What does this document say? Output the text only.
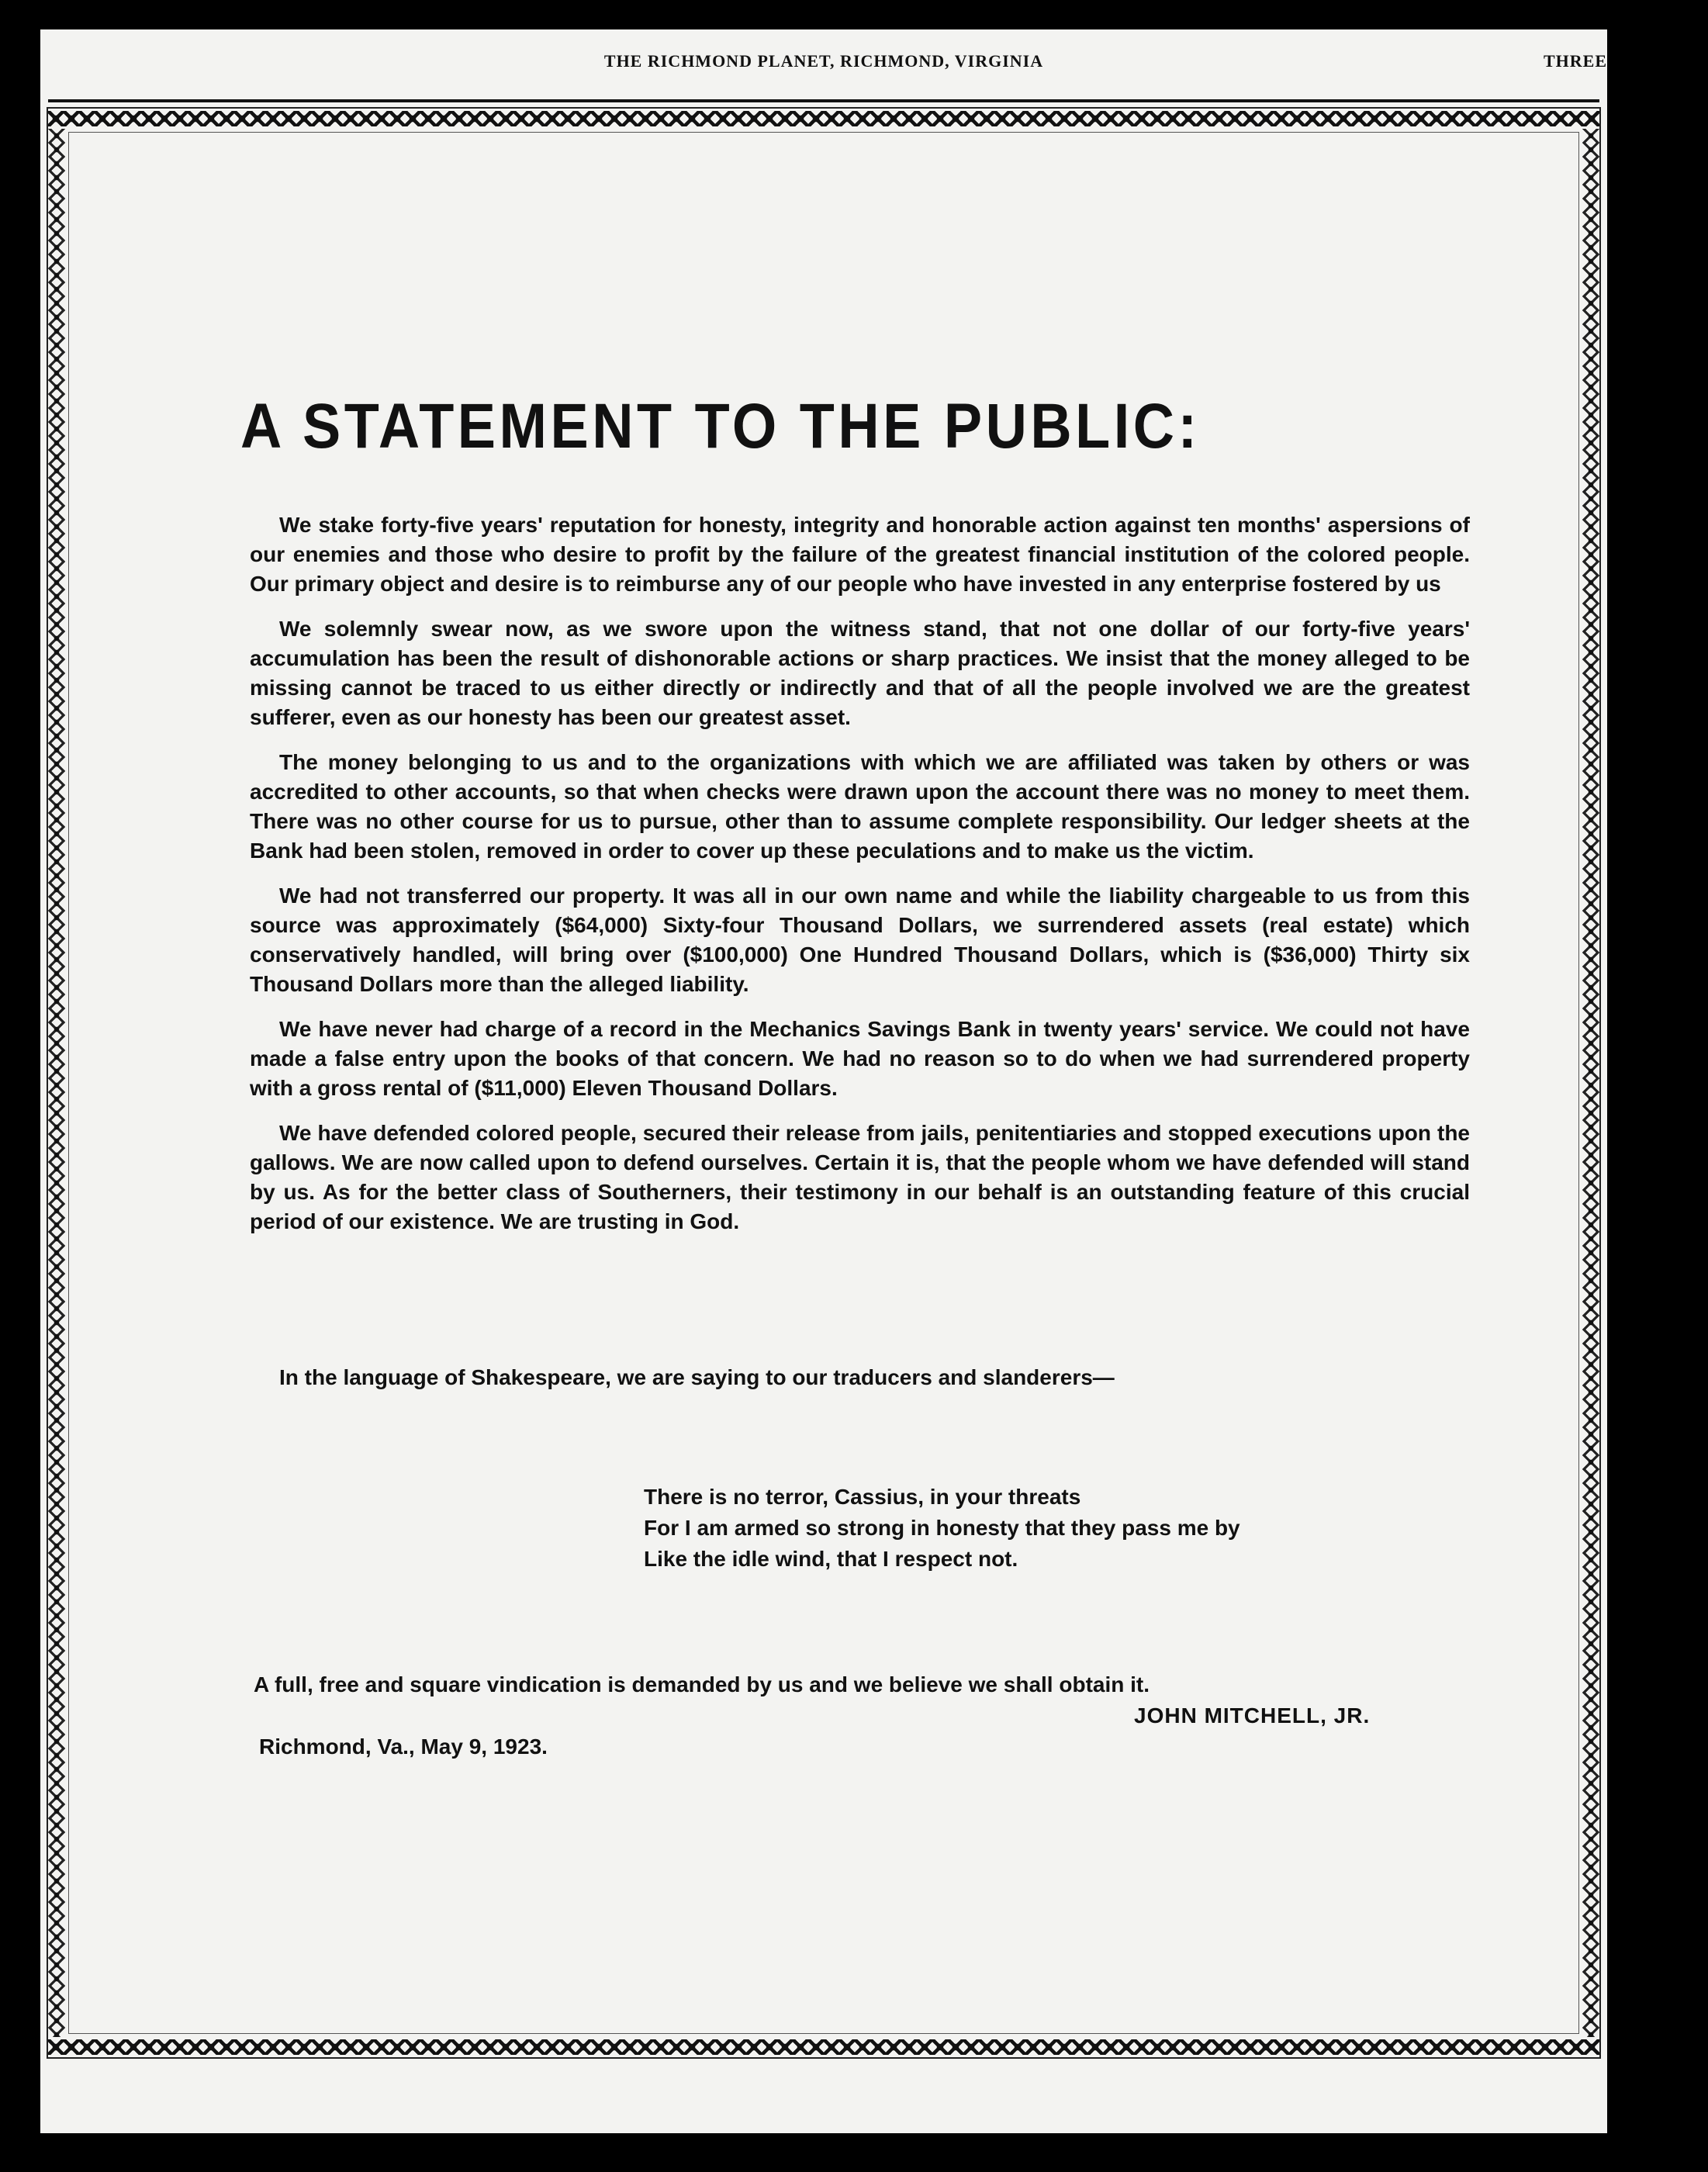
THE RICHMOND PLANET, RICHMOND, VIRGINIA	THREE
A STATEMENT TO THE PUBLIC:

We stake forty-five years' reputation for honesty, integrity and honorable action against ten months' aspersions of our enemies and those who desire to profit by the failure of the greatest financial institution of the colored people. Our primary object and desire is to reimburse any of our people who have invested in any enterprise fostered by us

We solemnly swear now, as we swore upon the witness stand, that not one dollar of our forty-five years' accumulation has been the result of dishonorable actions or sharp practices. We insist that the money alleged to be missing cannot be traced to us either directly or indirectly and that of all the people involved we are the greatest sufferer, even as our honesty has been our greatest asset.

The money belonging to us and to the organizations with which we are affiliated was taken by others or was accredited to other accounts, so that when checks were drawn upon the account there was no money to meet them. There was no other course for us to pursue, other than to assume complete responsibility. Our ledger sheets at the Bank had been stolen, removed in order to cover up these peculations and to make us the victim.

We had not transferred our property. It was all in our own name and while the liability chargeable to us from this source was approximately ($64,000) Sixty-four Thousand Dollars, we surrendered assets (real estate) which conservatively handled, will bring over ($100,000) One Hundred Thousand Dollars, which is ($36,000) Thirty six Thousand Dollars more than the alleged liability.

We have never had charge of a record in the Mechanics Savings Bank in twenty years' service. We could not have made a false entry upon the books of that concern. We had no reason so to do when we had surrendered property with a gross rental of ($11,000) Eleven Thousand Dollars.

We have defended colored people, secured their release from jails, penitentiaries and stopped executions upon the gallows. We are now called upon to defend ourselves. Certain it is, that the people whom we have defended will stand by us. As for the better class of Southerners, their testimony in our behalf is an outstanding feature of this crucial period of our existence. We are trusting in God.

In the language of Shakespeare, we are saying to our traducers and slanderers—
There is no terror, Cassius, in your threats
For I am armed so strong in honesty that they pass me by
Like the idle wind, that I respect not.
A full, free and square vindication is demanded by us and we believe we shall obtain it.
JOHN MITCHELL, JR.
Richmond, Va., May 9, 1923.
